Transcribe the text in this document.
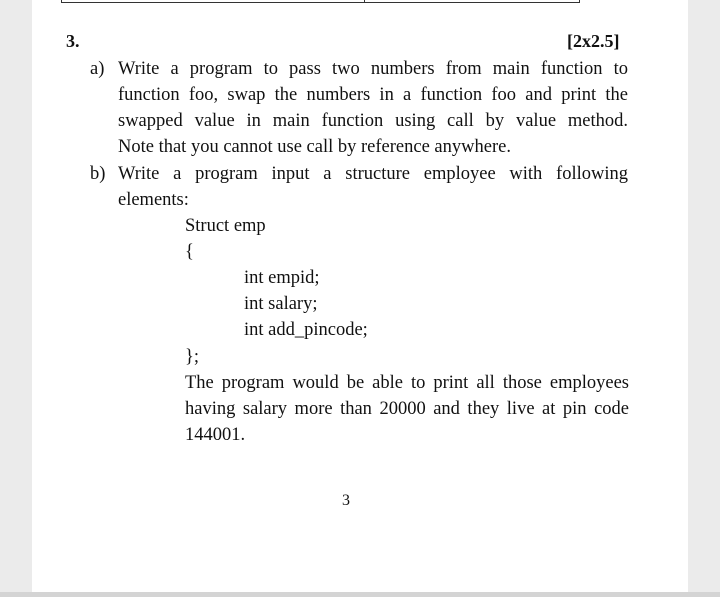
3.	[2x2.5]
a) Write a program to pass two numbers from main function to
function foo, swap the numbers in a function foo and print the
swapped value in main function using call by value method.
Note that you cannot use call by reference anywhere.
b) Write a program input a structure employee with following
elements:
Struct emp
{
int empid;
int salary;
int add_pincode;
};
The program would be able to print all those employees
having salary more than 20000 and they live at pin code
144001.
3
